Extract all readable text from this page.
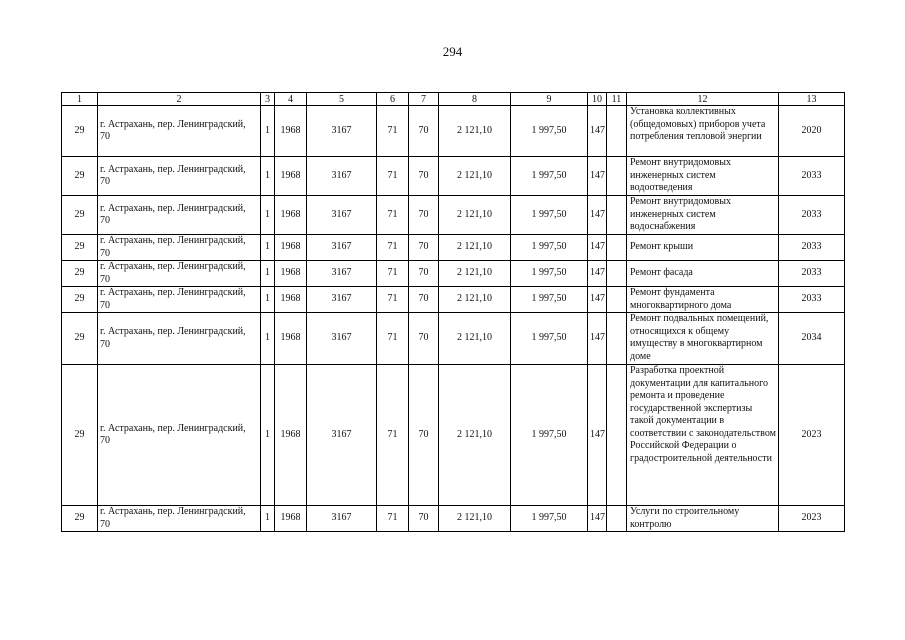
294
1	2	3	4	5	6	7	8	9	10	11	12	13
29	г. Астрахань, пер. Ленинградский, 70	1	1968	3167	71	70	2 121,10	1 997,50	147		Установка коллективных (общедомовых) приборов учета потребления тепловой энергии	2020
29	г. Астрахань, пер. Ленинградский, 70	1	1968	3167	71	70	2 121,10	1 997,50	147		Ремонт внутридомовых инженерных систем водоотведения	2033
29	г. Астрахань, пер. Ленинградский, 70	1	1968	3167	71	70	2 121,10	1 997,50	147		Ремонт внутридомовых инженерных систем водоснабжения	2033
29	г. Астрахань, пер. Ленинградский, 70	1	1968	3167	71	70	2 121,10	1 997,50	147		Ремонт крыши	2033
29	г. Астрахань, пер. Ленинградский, 70	1	1968	3167	71	70	2 121,10	1 997,50	147		Ремонт фасада	2033
29	г. Астрахань, пер. Ленинградский, 70	1	1968	3167	71	70	2 121,10	1 997,50	147		Ремонт фундамента многоквартирного дома	2033
29	г. Астрахань, пер. Ленинградский, 70	1	1968	3167	71	70	2 121,10	1 997,50	147		Ремонт подвальных помещений, относящихся к общему имуществу в многоквартирном доме	2034
29	г. Астрахань, пер. Ленинградский, 70	1	1968	3167	71	70	2 121,10	1 997,50	147		Разработка проектной документации для капитального ремонта и проведение государственной экспертизы такой документации в соответствии с законодательством Российской Федерации о градостроительной деятельности	2023
29	г. Астрахань, пер. Ленинградский, 70	1	1968	3167	71	70	2 121,10	1 997,50	147		Услуги по строительному контролю	2023
